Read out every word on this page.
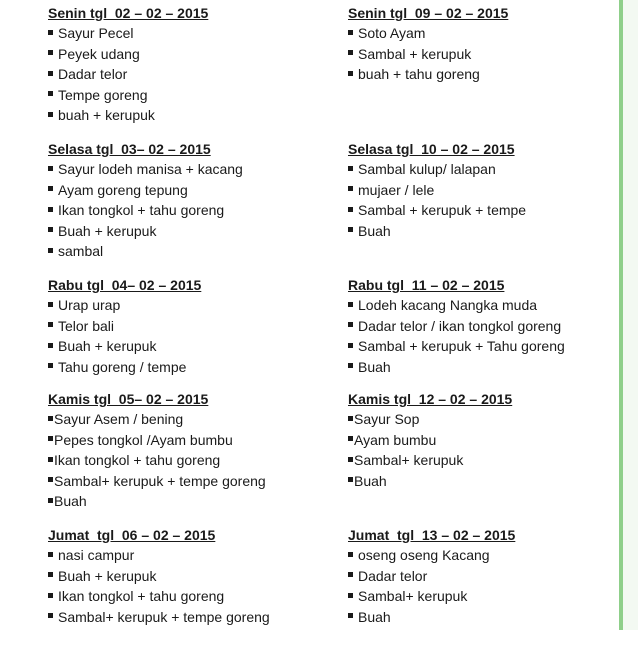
Senin tgl  02 – 02 – 2015

Sayur Pecel
Peyek udang
Dadar telor
Tempe goreng
buah + kerupuk

Selasa tgl  03– 02 – 2015

Sayur lodeh manisa + kacang
Ayam goreng tepung
Ikan tongkol + tahu goreng
Buah + kerupuk
sambal

Rabu tgl  04– 02 – 2015

Urap urap
Telor bali
Buah + kerupuk
Tahu goreng / tempe

Kamis tgl  05– 02 – 2015

Sayur Asem / bening
Pepes tongkol /Ayam bumbu
Ikan tongkol + tahu goreng
Sambal+ kerupuk + tempe goreng
Buah

Jumat  tgl  06 – 02 – 2015

nasi campur
Buah + kerupuk
Ikan tongkol + tahu goreng
Sambal+ kerupuk + tempe goreng

Senin tgl  09 – 02 – 2015

Soto Ayam
Sambal + kerupuk
buah + tahu goreng

Selasa tgl  10 – 02 – 2015

Sambal kulup/ lalapan
mujaer / lele
Sambal + kerupuk + tempe
Buah

Rabu tgl  11 – 02 – 2015

Lodeh kacang Nangka muda
Dadar telor / ikan tongkol goreng
Sambal + kerupuk + Tahu goreng
Buah

Kamis tgl  12 – 02 – 2015

Sayur Sop
Ayam bumbu
Sambal+ kerupuk
Buah

Jumat  tgl  13 – 02 – 2015

oseng oseng Kacang
Dadar telor
Sambal+ kerupuk
Buah
